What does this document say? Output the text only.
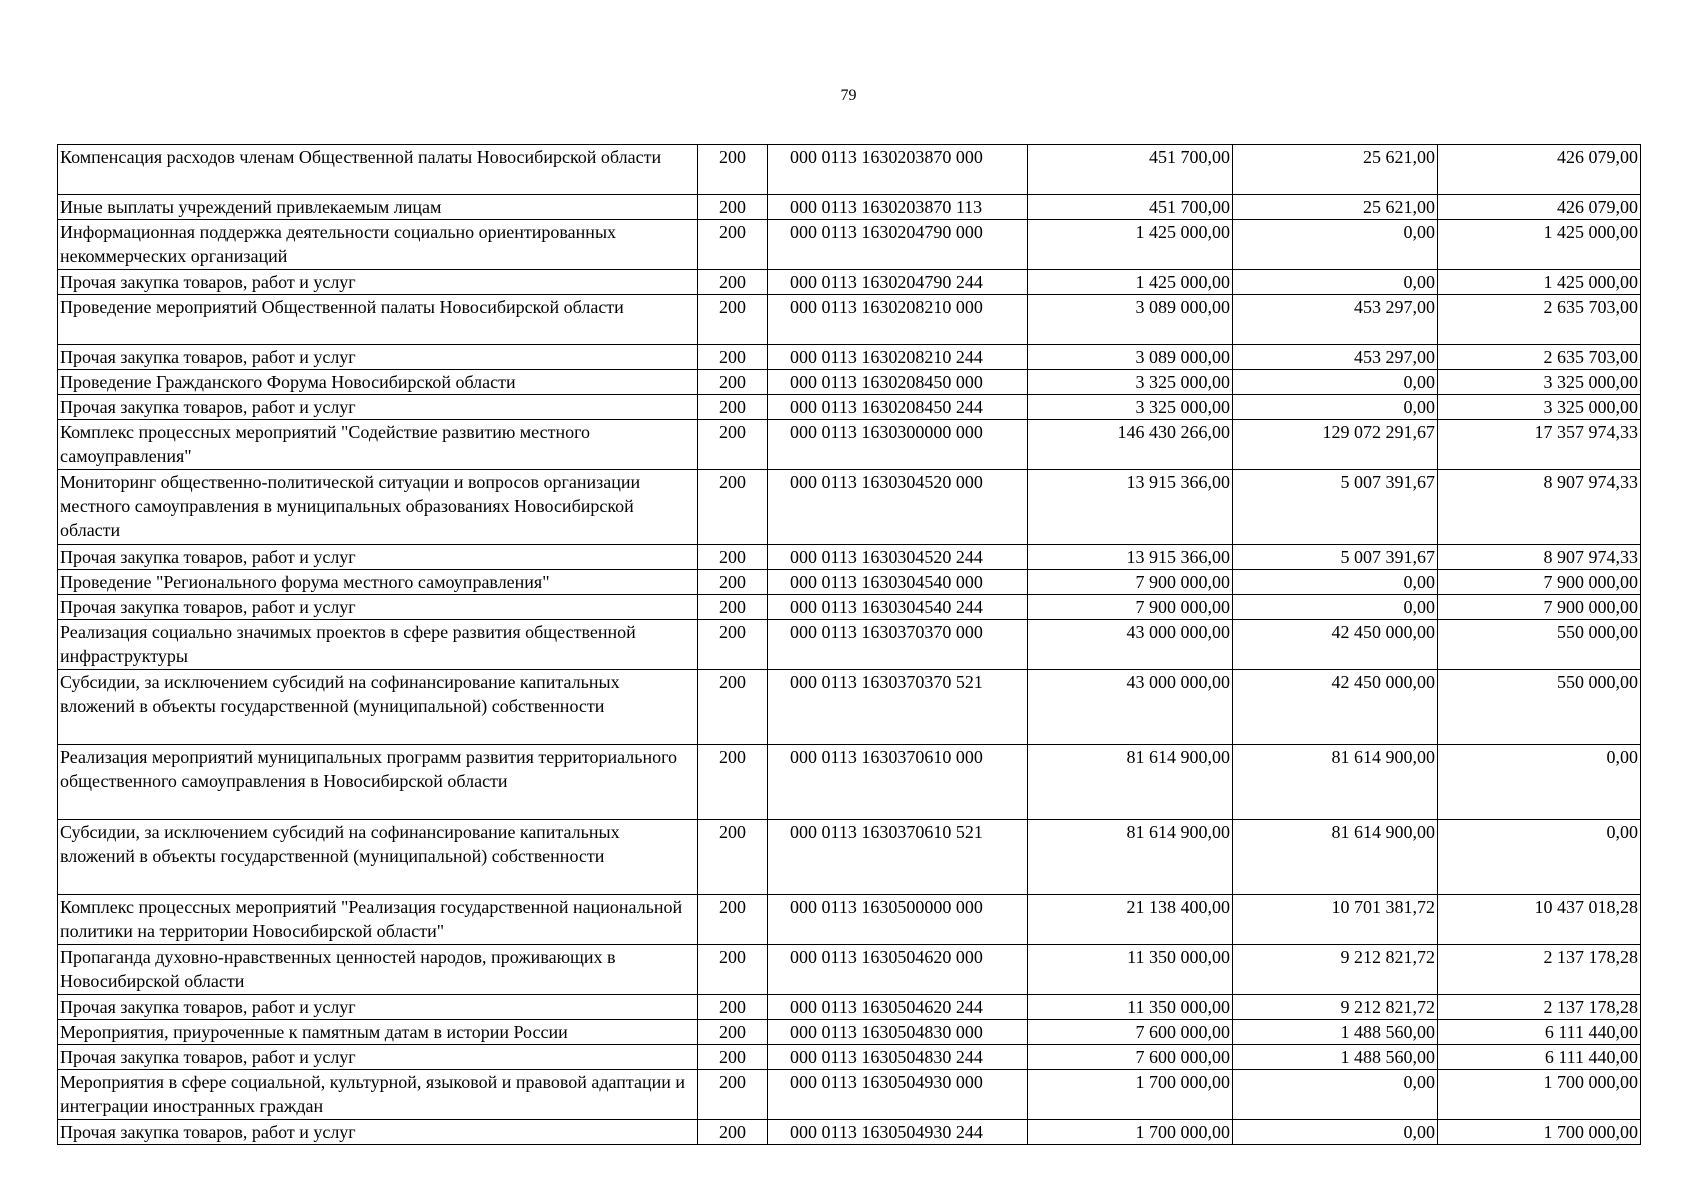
79
Компенсация расходов членам Общественной палаты Новосибирской области	200	000 0113 1630203870 000	451 700,00	25 621,00	426 079,00
Иные выплаты учреждений привлекаемым лицам	200	000 0113 1630203870 113	451 700,00	25 621,00	426 079,00
Информационная поддержка деятельности социально ориентированных некоммерческих организаций	200	000 0113 1630204790 000	1 425 000,00	0,00	1 425 000,00
Прочая закупка товаров, работ и услуг	200	000 0113 1630204790 244	1 425 000,00	0,00	1 425 000,00
Проведение мероприятий Общественной палаты Новосибирской области	200	000 0113 1630208210 000	3 089 000,00	453 297,00	2 635 703,00
Прочая закупка товаров, работ и услуг	200	000 0113 1630208210 244	3 089 000,00	453 297,00	2 635 703,00
Проведение Гражданского Форума Новосибирской области	200	000 0113 1630208450 000	3 325 000,00	0,00	3 325 000,00
Прочая закупка товаров, работ и услуг	200	000 0113 1630208450 244	3 325 000,00	0,00	3 325 000,00
Комплекс процессных мероприятий "Содействие развитию местного самоуправления"	200	000 0113 1630300000 000	146 430 266,00	129 072 291,67	17 357 974,33
Мониторинг общественно-политической ситуации и вопросов организации местного самоуправления в муниципальных образованиях Новосибирской области	200	000 0113 1630304520 000	13 915 366,00	5 007 391,67	8 907 974,33
Прочая закупка товаров, работ и услуг	200	000 0113 1630304520 244	13 915 366,00	5 007 391,67	8 907 974,33
Проведение "Регионального форума местного самоуправления"	200	000 0113 1630304540 000	7 900 000,00	0,00	7 900 000,00
Прочая закупка товаров, работ и услуг	200	000 0113 1630304540 244	7 900 000,00	0,00	7 900 000,00
Реализация социально значимых проектов в сфере развития общественной инфраструктуры	200	000 0113 1630370370 000	43 000 000,00	42 450 000,00	550 000,00
Субсидии, за исключением субсидий на софинансирование капитальных вложений в объекты государственной (муниципальной) собственности	200	000 0113 1630370370 521	43 000 000,00	42 450 000,00	550 000,00
Реализация мероприятий муниципальных программ развития территориального общественного самоуправления в Новосибирской области	200	000 0113 1630370610 000	81 614 900,00	81 614 900,00	0,00
Субсидии, за исключением субсидий на софинансирование капитальных вложений в объекты государственной (муниципальной) собственности	200	000 0113 1630370610 521	81 614 900,00	81 614 900,00	0,00
Комплекс процессных мероприятий "Реализация государственной национальной политики на территории Новосибирской области"	200	000 0113 1630500000 000	21 138 400,00	10 701 381,72	10 437 018,28
Пропаганда духовно-нравственных ценностей народов, проживающих в Новосибирской области	200	000 0113 1630504620 000	11 350 000,00	9 212 821,72	2 137 178,28
Прочая закупка товаров, работ и услуг	200	000 0113 1630504620 244	11 350 000,00	9 212 821,72	2 137 178,28
Мероприятия, приуроченные к памятным датам в истории России	200	000 0113 1630504830 000	7 600 000,00	1 488 560,00	6 111 440,00
Прочая закупка товаров, работ и услуг	200	000 0113 1630504830 244	7 600 000,00	1 488 560,00	6 111 440,00
Мероприятия в сфере социальной, культурной, языковой и правовой адаптации и интеграции иностранных граждан	200	000 0113 1630504930 000	1 700 000,00	0,00	1 700 000,00
Прочая закупка товаров, работ и услуг	200	000 0113 1630504930 244	1 700 000,00	0,00	1 700 000,00
